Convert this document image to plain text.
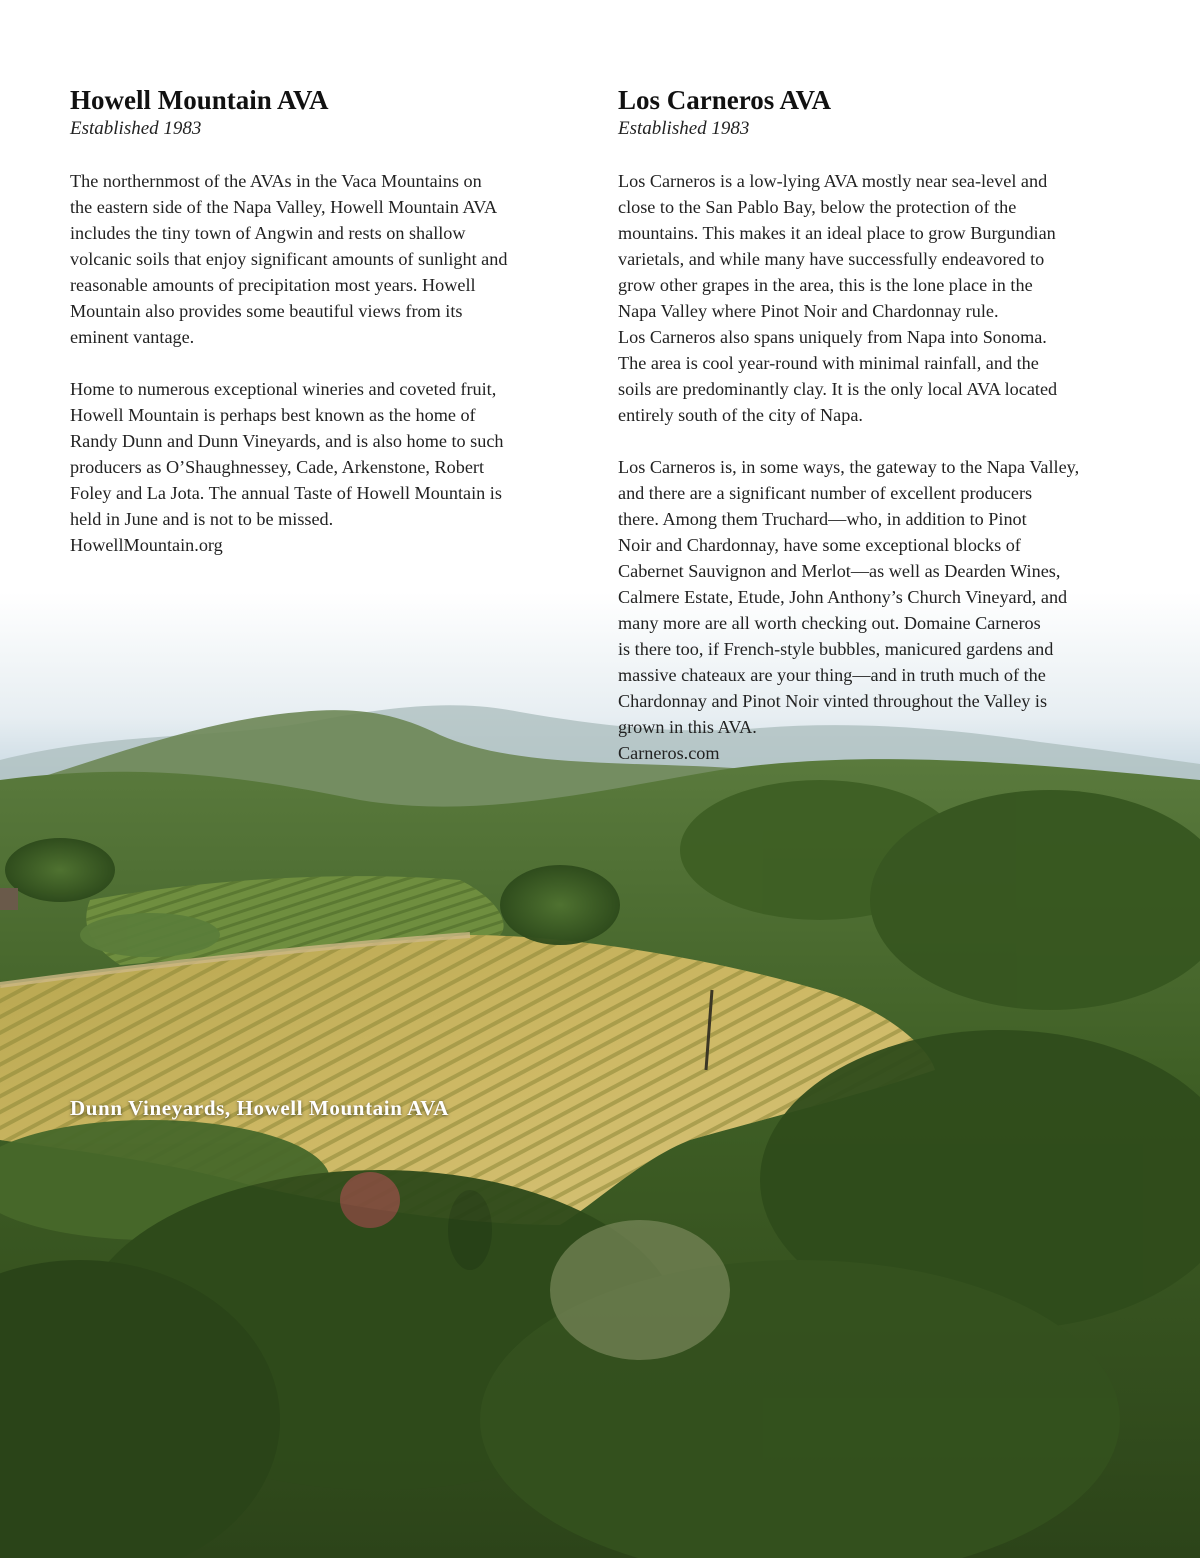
Howell Mountain AVA

Established 1983

The northernmost of the AVAs in the Vaca Mountains on
the eastern side of the Napa Valley, Howell Mountain AVA
includes the tiny town of Angwin and rests on shallow
volcanic soils that enjoy significant amounts of sunlight and
reasonable amounts of precipitation most years. Howell
Mountain also provides some beautiful views from its
eminent vantage.

Home to numerous exceptional wineries and coveted fruit,
Howell Mountain is perhaps best known as the home of
Randy Dunn and Dunn Vineyards, and is also home to such
producers as O’Shaughnessey, Cade, Arkenstone, Robert
Foley and La Jota. The annual Taste of Howell Mountain is
held in June and is not to be missed.

HowellMountain.org
Los Carneros AVA

Established 1983

Los Carneros is a low-lying AVA mostly near sea-level and
close to the San Pablo Bay, below the protection of the
mountains. This makes it an ideal place to grow Burgundian
varietals, and while many have successfully endeavored to
grow other grapes in the area, this is the lone place in the
Napa Valley where Pinot Noir and Chardonnay rule.

Los Carneros also spans uniquely from Napa into Sonoma.
The area is cool year-round with minimal rainfall, and the
soils are predominantly clay. It is the only local AVA located
entirely south of the city of Napa.

Los Carneros is, in some ways, the gateway to the Napa Valley,
and there are a significant number of excellent producers
there. Among them Truchard—who, in addition to Pinot
Noir and Chardonnay, have some exceptional blocks of
Cabernet Sauvignon and Merlot—as well as Dearden Wines,
Calmere Estate, Etude, John Anthony’s Church Vineyard, and
many more are all worth checking out. Domaine Carneros
is there too, if French-style bubbles, manicured gardens and
massive chateaux are your thing—and in truth much of the
Chardonnay and Pinot Noir vinted throughout the Valley is
grown in this AVA.

Carneros.com
Dunn Vineyards, Howell Mountain AVA
